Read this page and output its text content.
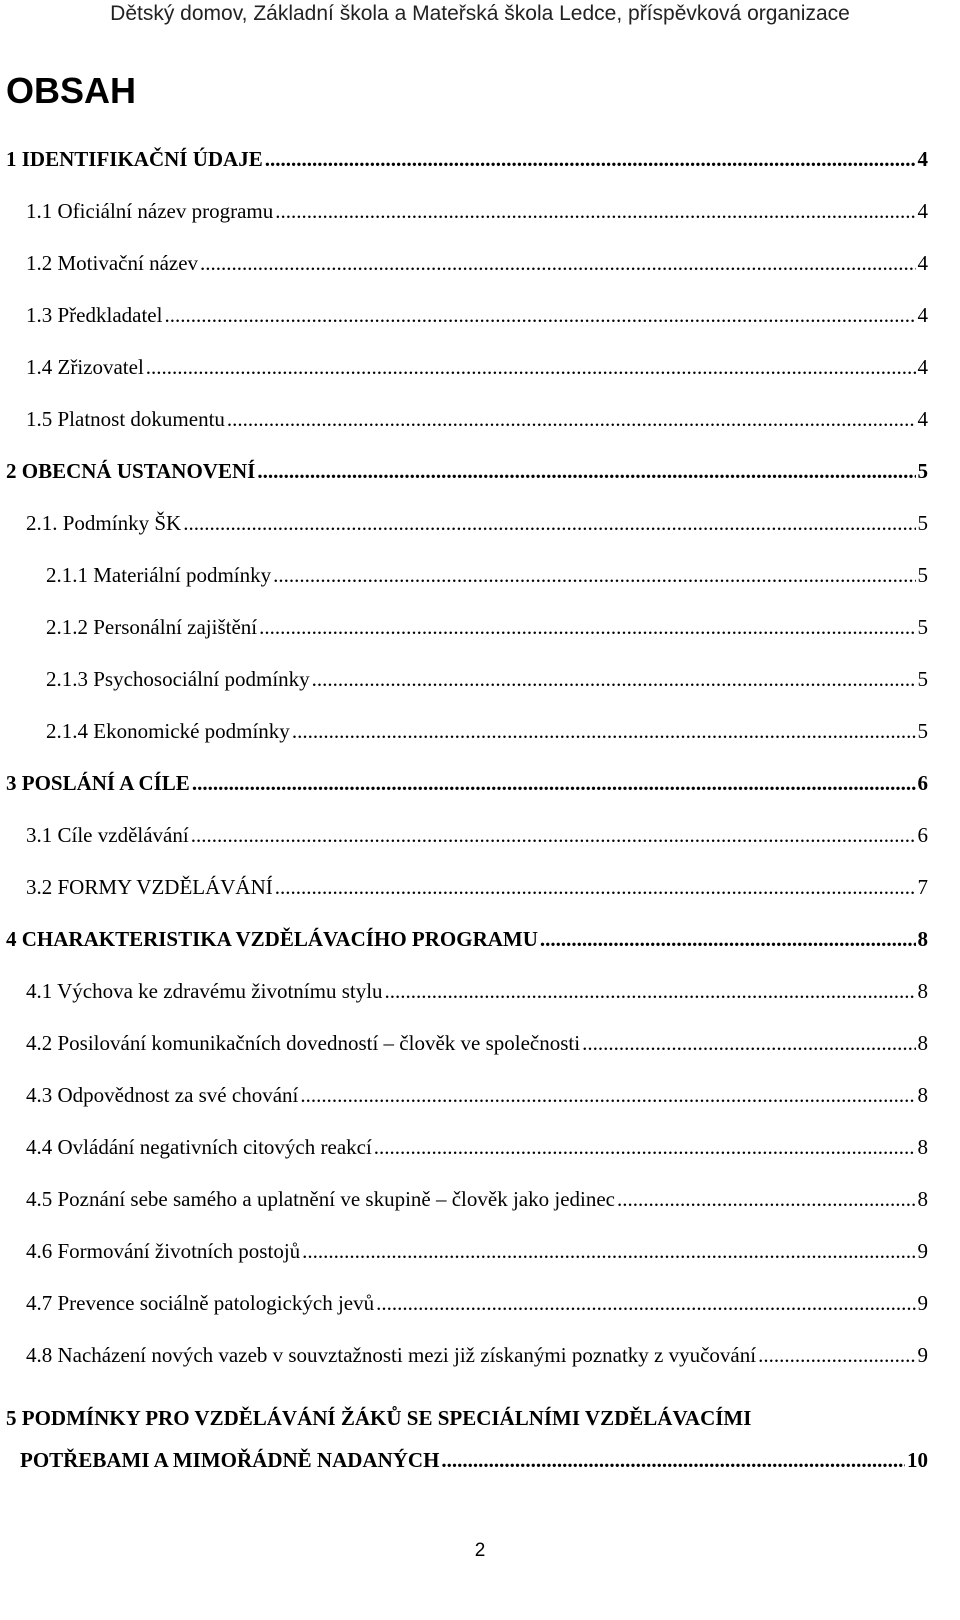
Dětský domov, Základní škola a Mateřská škola Ledce, příspěvková organizace
OBSAH
1 IDENTIFIKAČNÍ ÚDAJE .....	4
1.1 Oficiální název programu .....	4
1.2 Motivační název .....	4
1.3 Předkladatel .....	4
1.4 Zřizovatel .....	4
1.5 Platnost dokumentu .....	4
2 OBECNÁ USTANOVENÍ .....	5
2.1. Podmínky ŠK .....	5
2.1.1 Materiální podmínky .....	5
2.1.2 Personální zajištění .....	5
2.1.3 Psychosociální podmínky .....	5
2.1.4 Ekonomické podmínky .....	5
3 POSLÁNÍ A CÍLE .....	6
3.1 Cíle vzdělávání .....	6
3.2 FORMY VZDĚLÁVÁNÍ .....	7
4 CHARAKTERISTIKA VZDĚLÁVACÍHO PROGRAMU .....	8
4.1 Výchova ke zdravému životnímu stylu .....	8
4.2 Posilování komunikačních dovedností – člověk ve společnosti .....	8
4.3 Odpovědnost za své chování .....	8
4.4 Ovládání negativních citových reakcí .....	8
4.5 Poznání sebe samého a uplatnění ve skupině – člověk jako jedinec .....	8
4.6 Formování životních postojů .....	9
4.7 Prevence sociálně patologických jevů .....	9
4.8 Nacházení nových vazeb v souvztažnosti mezi již získanými poznatky z vyučování .....	9
5 PODMÍNKY PRO VZDĚLÁVÁNÍ ŽÁKŮ SE SPECIÁLNÍMI VZDĚLÁVACÍMI
POTŘEBAMI A MIMOŘÁDNĚ NADANÝCH .....	10
2
